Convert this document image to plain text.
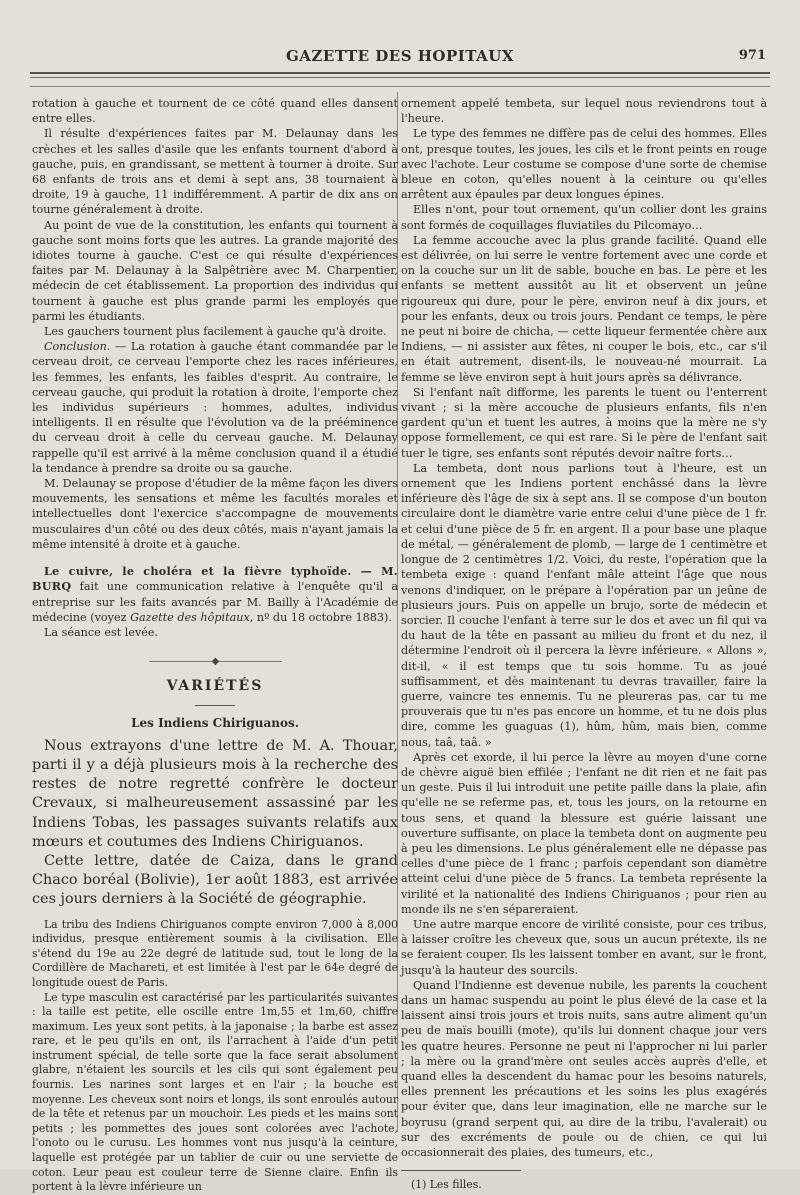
GAZETTE DES HOPITAUX	971

rotation à gauche et tournent de ce côté quand elles dansent entre elles.

Il résulte d'expériences faites par M. Delaunay dans les crèches et les salles d'asile que les enfants tournent d'abord à gauche, puis, en grandissant, se mettent à tourner à droite. Sur 68 enfants de trois ans et demi à sept ans, 38 tournaient à droite, 19 à gauche, 11 indifféremment. A partir de dix ans on tourne généralement à droite.

Au point de vue de la constitution, les enfants qui tournent à gauche sont moins forts que les autres. La grande majorité des idiotes tourne à gauche. C'est ce qui résulte d'expériences faites par M. Delaunay à la Salpêtrière avec M. Charpentier, médecin de cet établissement. La proportion des individus qui tournent à gauche est plus grande parmi les employés que parmi les étudiants.

Les gauchers tournent plus facilement à gauche qu'à droite.

Conclusion. — La rotation à gauche étant commandée par le cerveau droit, ce cerveau l'emporte chez les races inférieures, les femmes, les enfants, les faibles d'esprit. Au contraire, le cerveau gauche, qui produit la rotation à droite, l'emporte chez les individus supérieurs : hommes, adultes, individus intelligents. Il en résulte que l'évolution va de la prééminence du cerveau droit à celle du cerveau gauche. M. Delaunay rappelle qu'il est arrivé à la même conclusion quand il a étudié la tendance à prendre sa droite ou sa gauche.

M. Delaunay se propose d'étudier de la même façon les divers mouvements, les sensations et même les facultés morales et intellectuelles dont l'exercice s'accompagne de mouvements musculaires d'un côté ou des deux côtés, mais n'ayant jamais la même intensité à droite et à gauche.

Le cuivre, le choléra et la fièvre typhoïde. — M. BURQ fait une communication relative à l'enquête qu'il a entreprise sur les faits avancés par M. Bailly à l'Académie de médecine (voyez Gazette des hôpitaux, nº du 18 octobre 1883).

La séance est levée.

———————◆———————
VARIÉTÉS
Les Indiens Chiriguanos.

Nous extrayons d'une lettre de M. A. Thouar, parti il y a déjà plusieurs mois à la recherche des restes de notre regretté confrère le docteur Crevaux, si malheureusement assassiné par les Indiens Tobas, les passages suivants relatifs aux mœurs et coutumes des Indiens Chiriguanos.

Cette lettre, datée de Caiza, dans le grand Chaco boréal (Bolivie), 1er août 1883, est arrivée ces jours derniers à la Société de géographie.

La tribu des Indiens Chiriguanos compte environ 7,000 à 8,000 individus, presque entièrement soumis à la civilisation. Elle s'étend du 19e au 22e degré de latitude sud, tout le long de la Cordillère de Machareti, et est limitée à l'est par le 64e degré de longitude ouest de Paris.

Le type masculin est caractérisé par les particularités suivantes : la taille est petite, elle oscille entre 1m,55 et 1m,60, chiffre maximum. Les yeux sont petits, à la japonaise ; la barbe est assez rare, et le peu qu'ils en ont, ils l'arrachent à l'aide d'un petit instrument spécial, de telle sorte que la face serait absolument glabre, n'étaient les sourcils et les cils qui sont également peu fournis. Les narines sont larges et en l'air ; la bouche est moyenne. Les cheveux sont noirs et longs, ils sont enroulés autour de la tête et retenus par un mouchoir. Les pieds et les mains sont petits ; les pommettes des joues sont colorées avec l'achote, l'onoto ou le curusu. Les hommes vont nus jusqu'à la ceinture, laquelle est protégée par un tablier de cuir ou une serviette de coton. Leur peau est couleur terre de Sienne claire. Enfin ils portent à la lèvre inférieure un

ornement appelé tembeta, sur lequel nous reviendrons tout à l'heure.

Le type des femmes ne diffère pas de celui des hommes. Elles ont, presque toutes, les joues, les cils et le front peints en rouge avec l'achote. Leur costume se compose d'une sorte de chemise bleue en coton, qu'elles nouent à la ceinture ou qu'elles arrêtent aux épaules par deux longues épines.

Elles n'ont, pour tout ornement, qu'un collier dont les grains sont formés de coquillages fluviatiles du Pilcomayo…

La femme accouche avec la plus grande facilité. Quand elle est délivrée, on lui serre le ventre fortement avec une corde et on la couche sur un lit de sable, bouche en bas. Le père et les enfants se mettent aussitôt au lit et observent un jeûne rigoureux qui dure, pour le père, environ neuf à dix jours, et pour les enfants, deux ou trois jours. Pendant ce temps, le père ne peut ni boire de chicha, — cette liqueur fermentée chère aux Indiens, — ni assister aux fêtes, ni couper le bois, etc., car s'il en était autrement, disent-ils, le nouveau-né mourrait. La femme se lève environ sept à huit jours après sa délivrance.

Si l'enfant naît difforme, les parents le tuent ou l'enterrent vivant ; si la mère accouche de plusieurs enfants, fils n'en gardent qu'un et tuent les autres, à moins que la mère ne s'y oppose formellement, ce qui est rare. Si le père de l'enfant sait tuer le tigre, ses enfants sont réputés devoir naître forts…

La tembeta, dont nous parlions tout à l'heure, est un ornement que les Indiens portent enchâssé dans la lèvre inférieure dès l'âge de six à sept ans. Il se compose d'un bouton circulaire dont le diamètre varie entre celui d'une pièce de 1 fr. et celui d'une pièce de 5 fr. en argent. Il a pour base une plaque de métal, — généralement de plomb, — large de 1 centimètre et longue de 2 centimètres 1/2. Voici, du reste, l'opération que la tembeta exige : quand l'enfant mâle atteint l'âge que nous venons d'indiquer, on le prépare à l'opération par un jeûne de plusieurs jours. Puis on appelle un brujo, sorte de médecin et sorcier. Il couche l'enfant à terre sur le dos et avec un fil qui va du haut de la tête en passant au milieu du front et du nez, il détermine l'endroit où il percera la lèvre inférieure. « Allons », dit-il, « il est temps que tu sois homme. Tu as joué suffisamment, et dès maintenant tu devras travailler, faire la guerre, vaincre tes ennemis. Tu ne pleureras pas, car tu me prouverais que tu n'es pas encore un homme, et tu ne dois plus dire, comme les guaguas (1), hûm, hûm, mais bien, comme nous, taâ, taâ. »

Après cet exorde, il lui perce la lèvre au moyen d'une corne de chèvre aiguë bien effilée ; l'enfant ne dit rien et ne fait pas un geste. Puis il lui introduit une petite paille dans la plaie, afin qu'elle ne se referme pas, et, tous les jours, on la retourne en tous sens, et quand la blessure est guérie laissant une ouverture suffisante, on place la tembeta dont on augmente peu à peu les dimensions. Le plus généralement elle ne dépasse pas celles d'une pièce de 1 franc ; parfois cependant son diamètre atteint celui d'une pièce de 5 francs. La tembeta représente la virilité et la nationalité des Indiens Chiriguanos ; pour rien au monde ils ne s'en sépareraient.

Une autre marque encore de virilité consiste, pour ces tribus, à laisser croître les cheveux que, sous un aucun prétexte, ils ne se feraient couper. Ils les laissent tomber en avant, sur le front, jusqu'à la hauteur des sourcils.

Quand l'Indienne est devenue nubile, les parents la couchent dans un hamac suspendu au point le plus élevé de la case et la laissent ainsi trois jours et trois nuits, sans autre aliment qu'un peu de maïs bouilli (mote), qu'ils lui donnent chaque jour vers les quatre heures. Personne ne peut ni l'approcher ni lui parler ; la mère ou la grand'mère ont seules accès auprès d'elle, et quand elles la descendent du hamac pour les besoins naturels, elles prennent les précautions et les soins les plus exagérés pour éviter que, dans leur imagination, elle ne marche sur le boyrusu (grand serpent qui, au dire de la tribu, l'avalerait) ou sur des excréments de poule ou de chien, ce qui lui occasionnerait des plaies, des tumeurs, etc.,

(1) Les filles.
